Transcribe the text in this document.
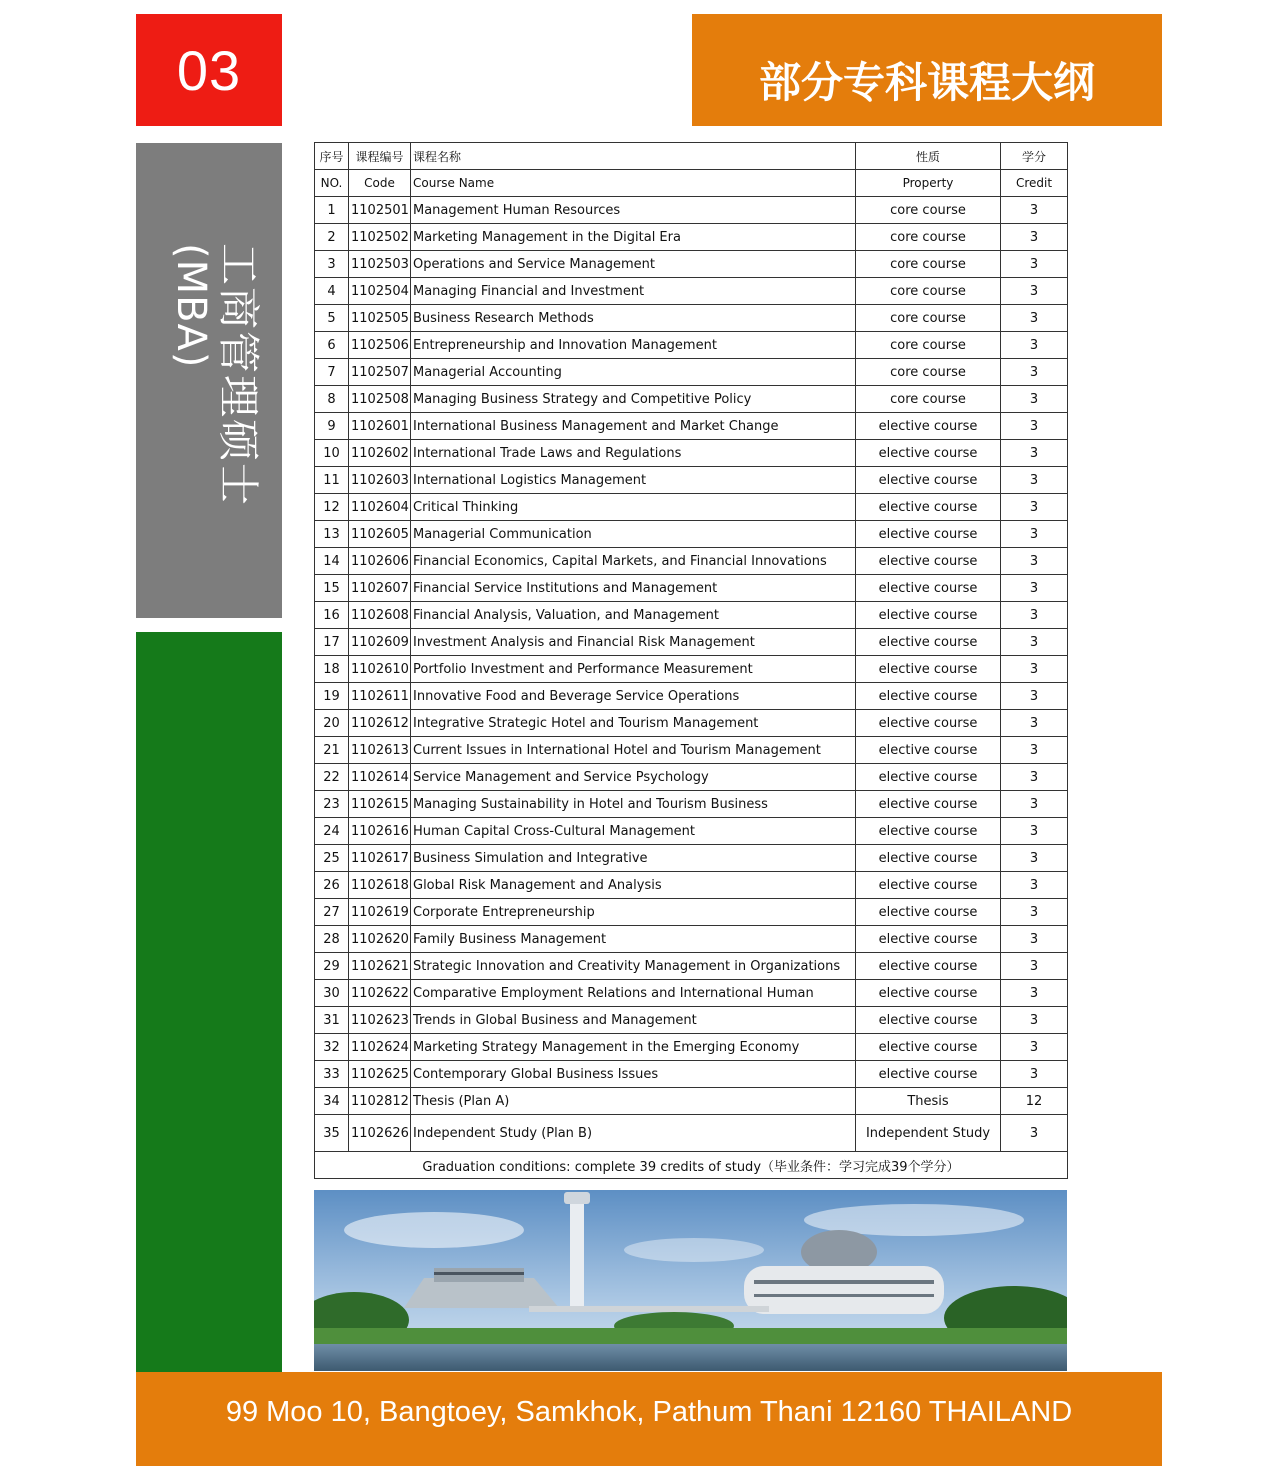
03	部分专科课程大纲
工商管理硕士
(MBA)
序号	课程编号	课程名称	性质	学分
NO.	Code	Course Name	Property	Credit
1	1102501	Management Human Resources	core course	3
2	1102502	Marketing Management in the Digital Era	core course	3
3	1102503	Operations and Service Management	core course	3
4	1102504	Managing Financial and Investment	core course	3
5	1102505	Business Research Methods	core course	3
6	1102506	Entrepreneurship and Innovation Management	core course	3
7	1102507	Managerial Accounting	core course	3
8	1102508	Managing Business Strategy and Competitive Policy	core course	3
9	1102601	International Business Management and Market Change	elective course	3
10	1102602	International Trade Laws and Regulations	elective course	3
11	1102603	International Logistics Management	elective course	3
12	1102604	Critical Thinking	elective course	3
13	1102605	Managerial Communication	elective course	3
14	1102606	Financial Economics, Capital Markets, and Financial Innovations	elective course	3
15	1102607	Financial Service Institutions and Management	elective course	3
16	1102608	Financial Analysis, Valuation, and Management	elective course	3
17	1102609	Investment Analysis and Financial Risk Management	elective course	3
18	1102610	Portfolio Investment and Performance Measurement	elective course	3
19	1102611	Innovative Food and Beverage Service Operations	elective course	3
20	1102612	Integrative Strategic Hotel and Tourism Management	elective course	3
21	1102613	Current Issues in International Hotel and Tourism Management	elective course	3
22	1102614	Service Management and Service Psychology	elective course	3
23	1102615	Managing Sustainability in Hotel and Tourism Business	elective course	3
24	1102616	Human Capital Cross-Cultural Management	elective course	3
25	1102617	Business Simulation and Integrative	elective course	3
26	1102618	Global Risk Management and Analysis	elective course	3
27	1102619	Corporate Entrepreneurship	elective course	3
28	1102620	Family Business Management	elective course	3
29	1102621	Strategic Innovation and Creativity Management in Organizations	elective course	3
30	1102622	Comparative Employment Relations and International Human	elective course	3
31	1102623	Trends in Global Business and Management	elective course	3
32	1102624	Marketing Strategy Management in the Emerging Economy	elective course	3
33	1102625	Contemporary Global Business Issues	elective course	3
34	1102812	Thesis (Plan A)	Thesis	12
35	1102626	Independent Study (Plan B)	Independent Study	3
Graduation conditions: complete 39 credits of study（毕业条件：学习完成39个学分）				
99 Moo 10, Bangtoey, Samkhok, Pathum Thani 12160 THAILAND
